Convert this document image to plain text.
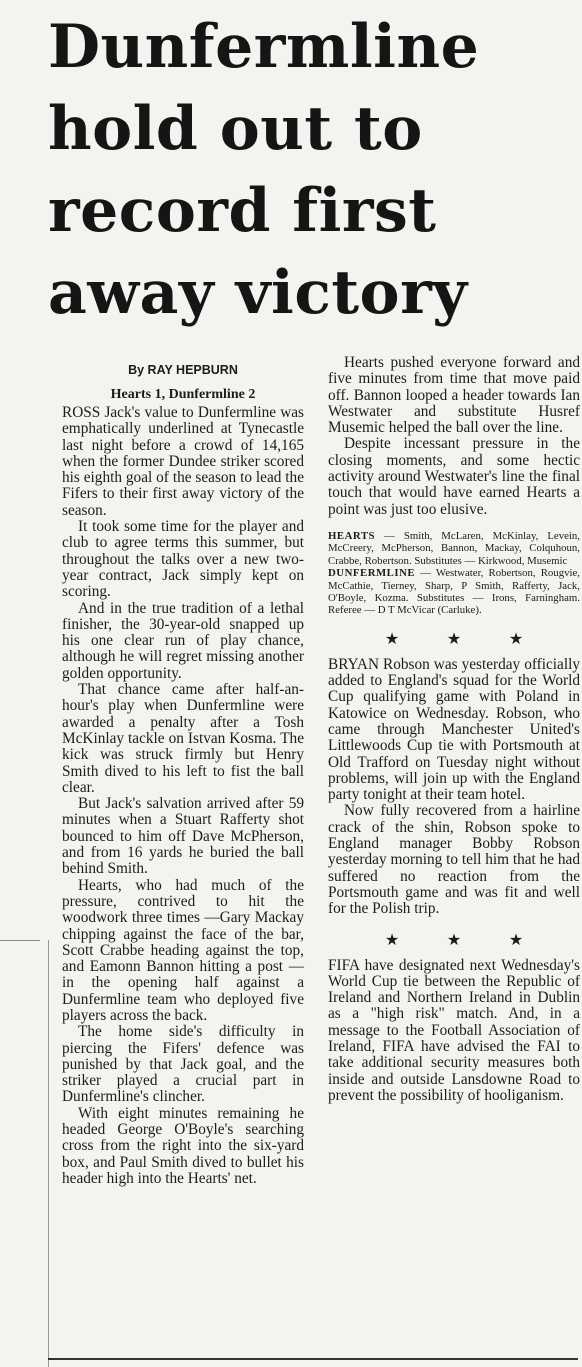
Dunfermline
hold out to
record first
away victory
By RAY HEPBURN
Hearts 1, Dunfermline 2

ROSS Jack's value to Dunfermline was emphatically underlined at Tynecastle last night before a crowd of 14,165 when the former Dundee striker scored his eighth goal of the season to lead the Fifers to their first away victory of the season.

It took some time for the player and club to agree terms this summer, but throughout the talks over a new two-year contract, Jack simply kept on scoring.

And in the true tradition of a lethal finisher, the 30-year-old snapped up his one clear run of play chance, although he will regret missing another golden opportunity.

That chance came after half-an-hour's play when Dunfermline were awarded a penalty after a Tosh McKinlay tackle on Istvan Kosma. The kick was struck firmly but Henry Smith dived to his left to fist the ball clear.

But Jack's salvation arrived after 59 minutes when a Stuart Rafferty shot bounced to him off Dave McPherson, and from 16 yards he buried the ball behind Smith.

Hearts, who had much of the pressure, contrived to hit the woodwork three times —Gary Mackay chipping against the face of the bar, Scott Crabbe heading against the top, and Eamonn Bannon hitting a post — in the opening half against a Dunfermline team who deployed five players across the back.

The home side's difficulty in piercing the Fifers' defence was punished by that Jack goal, and the striker played a crucial part in Dunfermline's clincher.

With eight minutes remaining he headed George O'Boyle's searching cross from the right into the six-yard box, and Paul Smith dived to bullet his header high into the Hearts' net.

Hearts pushed everyone forward and five minutes from time that move paid off. Bannon looped a header towards Ian Westwater and substitute Husref Musemic helped the ball over the line.

Despite incessant pressure in the closing moments, and some hectic activity around Westwater's line the final touch that would have earned Hearts a point was just too elusive.

HEARTS — Smith, McLaren, McKinlay, Levein, McCreery, McPherson, Bannon, Mackay, Colquhoun, Crabbe, Robertson. Substitutes — Kirkwood, Musemic

DUNFERMLINE — Westwater, Robertson, Rougvie, McCathie, Tierney, Sharp, P Smith, Rafferty, Jack, O'Boyle, Kozma. Substitutes — Irons, Farningham. Referee — D T McVicar (Carluke).

★	★	★

BRYAN Robson was yesterday officially added to England's squad for the World Cup qualifying game with Poland in Katowice on Wednesday. Robson, who came through Manchester United's Littlewoods Cup tie with Portsmouth at Old Trafford on Tuesday night without problems, will join up with the England party tonight at their team hotel.

Now fully recovered from a hairline crack of the shin, Robson spoke to England manager Bobby Robson yesterday morning to tell him that he had suffered no reaction from the Portsmouth game and was fit and well for the Polish trip.

★	★	★

FIFA have designated next Wednesday's World Cup tie between the Republic of Ireland and Northern Ireland in Dublin as a "high risk" match. And, in a message to the Football Association of Ireland, FIFA have advised the FAI to take additional security measures both inside and outside Lansdowne Road to prevent the possibility of hooliganism.
